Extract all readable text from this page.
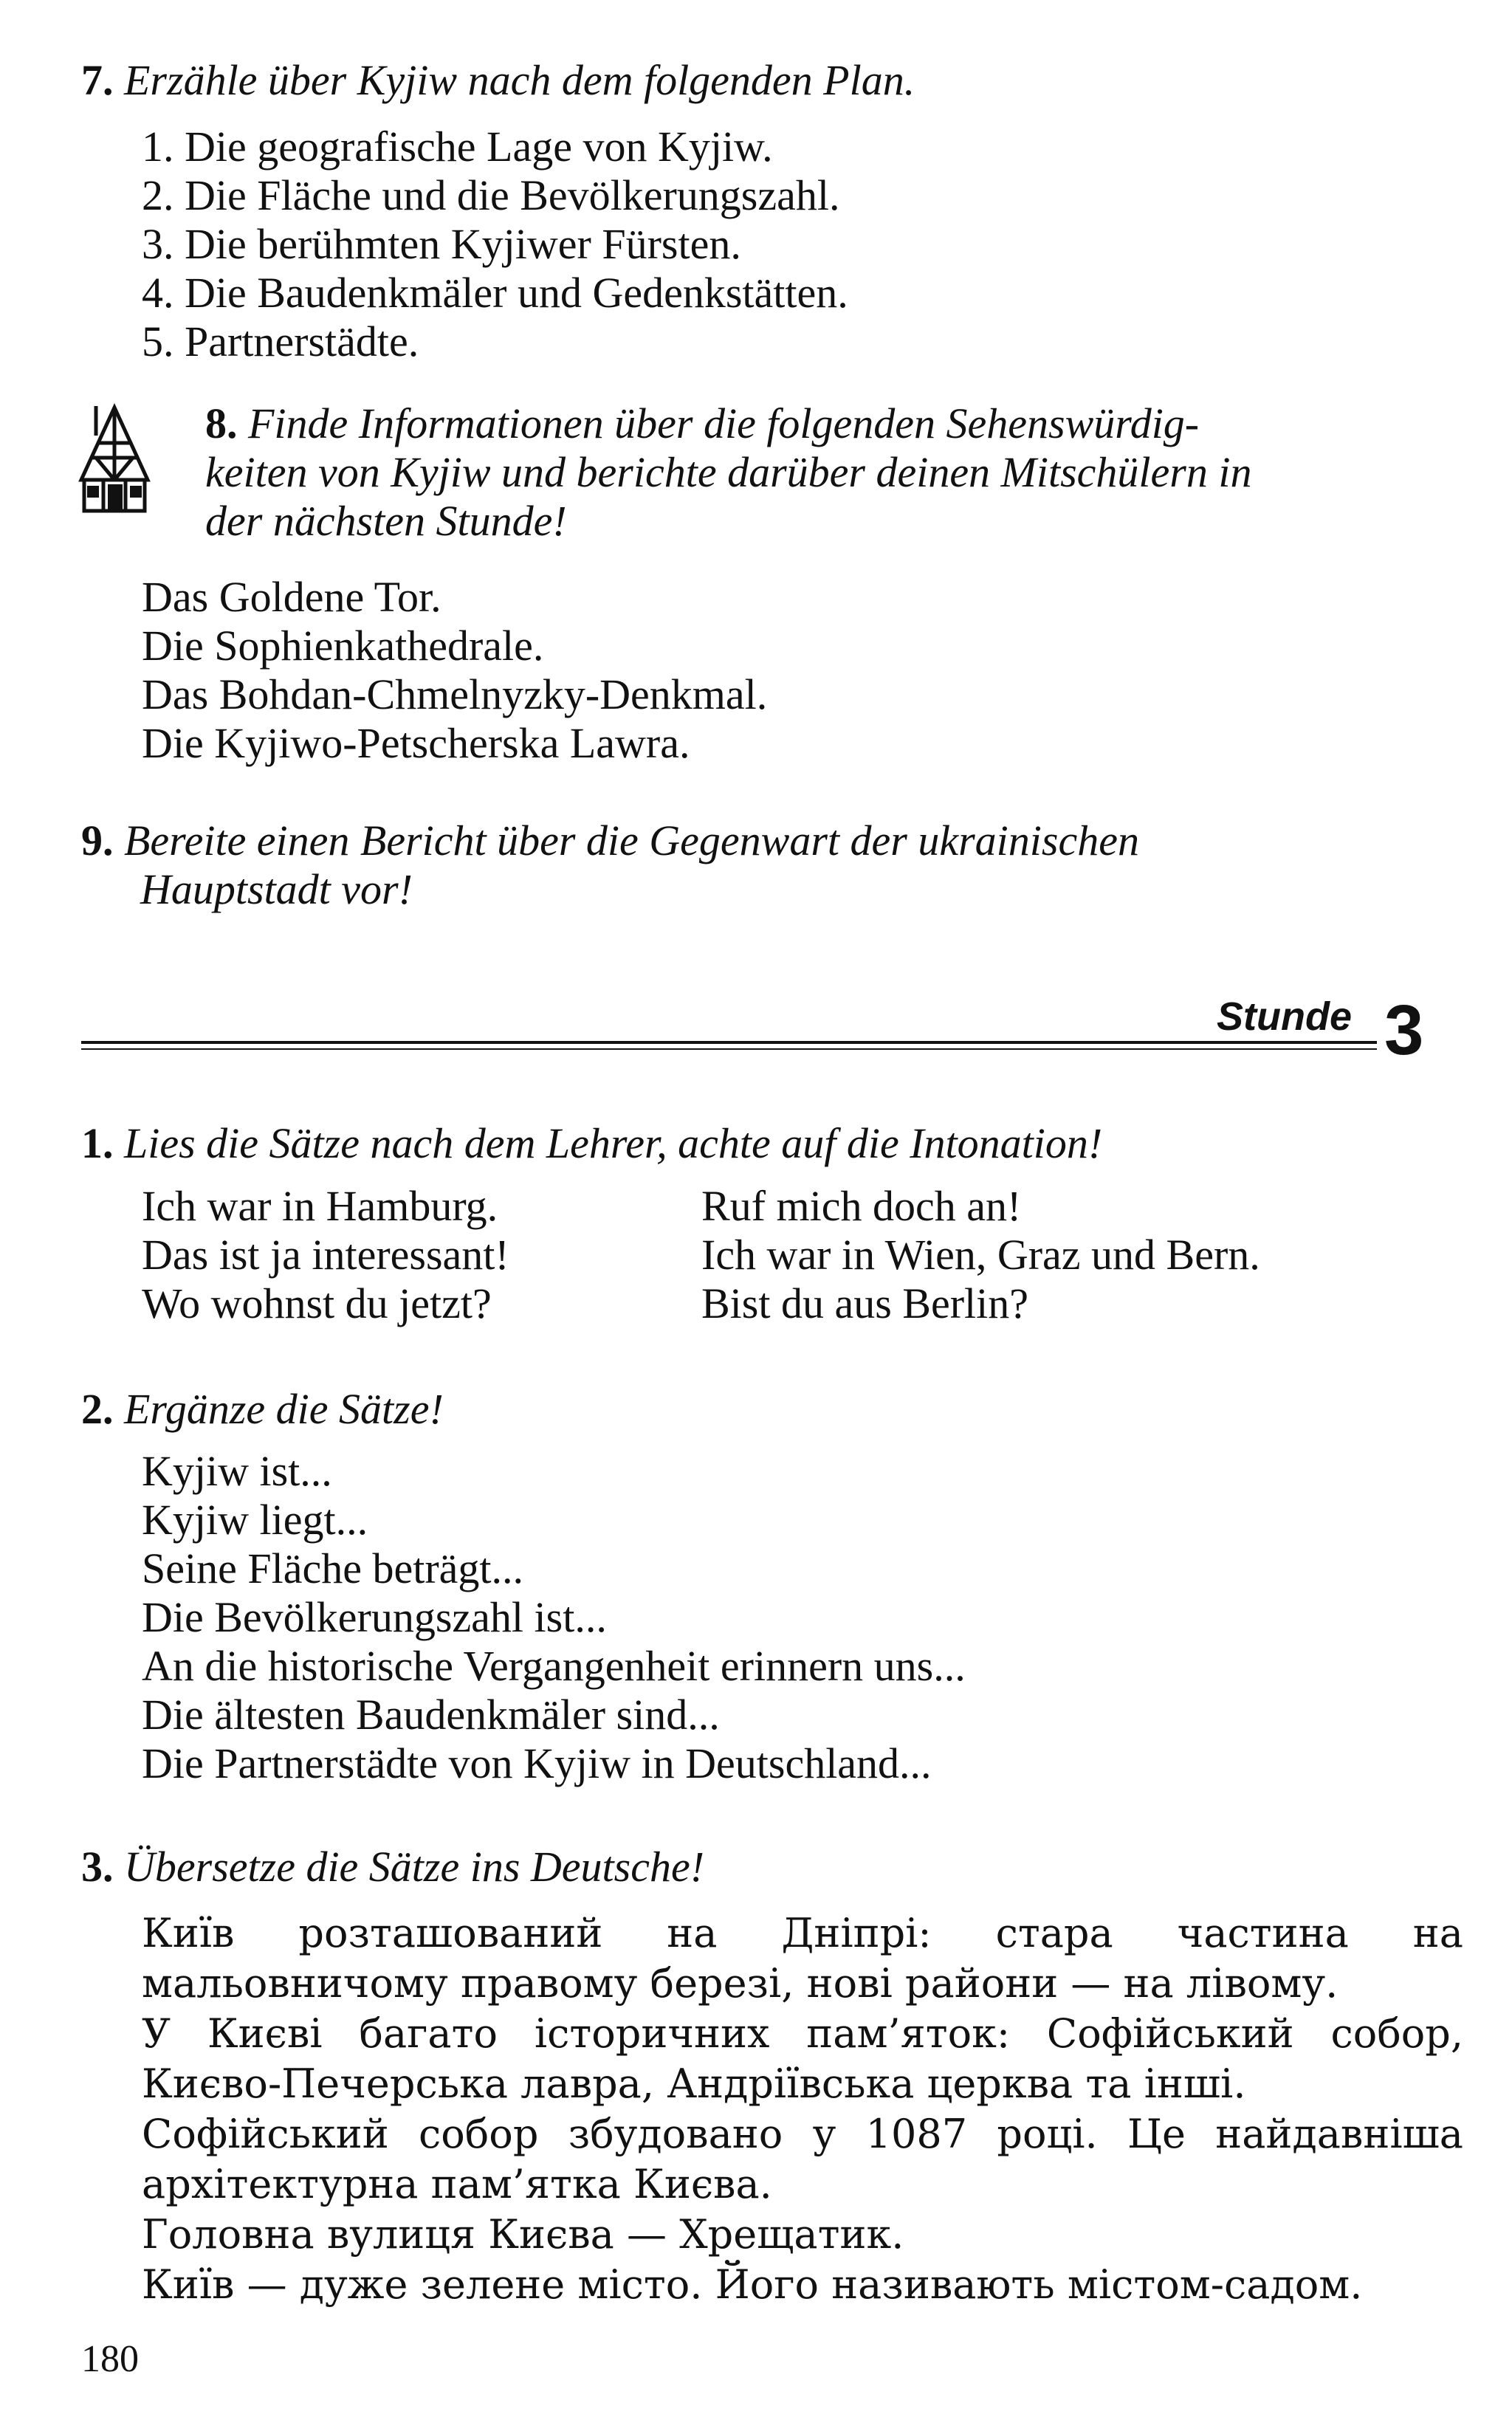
7. Erzähle über Kyjiw nach dem folgenden Plan.
1. Die geografische Lage von Kyjiw.
2. Die Fläche und die Bevölkerungszahl.
3. Die berühmten Kyjiwer Fürsten.
4. Die Baudenkmäler und Gedenkstätten.
5. Partnerstädte.
8. Finde Informationen über die folgenden Sehenswürdig-
keiten von Kyjiw und berichte darüber deinen Mitschülern in
der nächsten Stunde!
Das Goldene Tor.
Die Sophienkathedrale.
Das Bohdan-Chmelnyzky-Denkmal.
Die Kyjiwo-Petscherska Lawra.
9. Bereite einen Bericht über die Gegenwart der ukrainischen
Hauptstadt vor!
Stunde 3
1. Lies die Sätze nach dem Lehrer, achte auf die Intonation!
Ich war in Hamburg.
Das ist ja interessant!
Wo wohnst du jetzt?
Ruf mich doch an!
Ich war in Wien, Graz und Bern.
Bist du aus Berlin?
2. Ergänze die Sätze!
Kyjiw ist...
Kyjiw liegt...
Seine Fläche beträgt...
Die Bevölkerungszahl ist...
An die historische Vergangenheit erinnern uns...
Die ältesten Baudenkmäler sind...
Die Partnerstädte von Kyjiw in Deutschland...
3. Übersetze die Sätze ins Deutsche!
Київ розташований на Дніпрі: стара частина на
мальовничому правому березі, нові райони — на лівому.
У Києві багато історичних пам’яток: Софійський собор,
Києво-Печерська лавра, Андріївська церква та інші.
Софійський собор збудовано у 1087 році. Це найдавніша
архітектурна пам’ятка Києва.
Головна вулиця Києва — Хрещатик.
Київ — дуже зелене місто. Його називають містом-садом.
180
